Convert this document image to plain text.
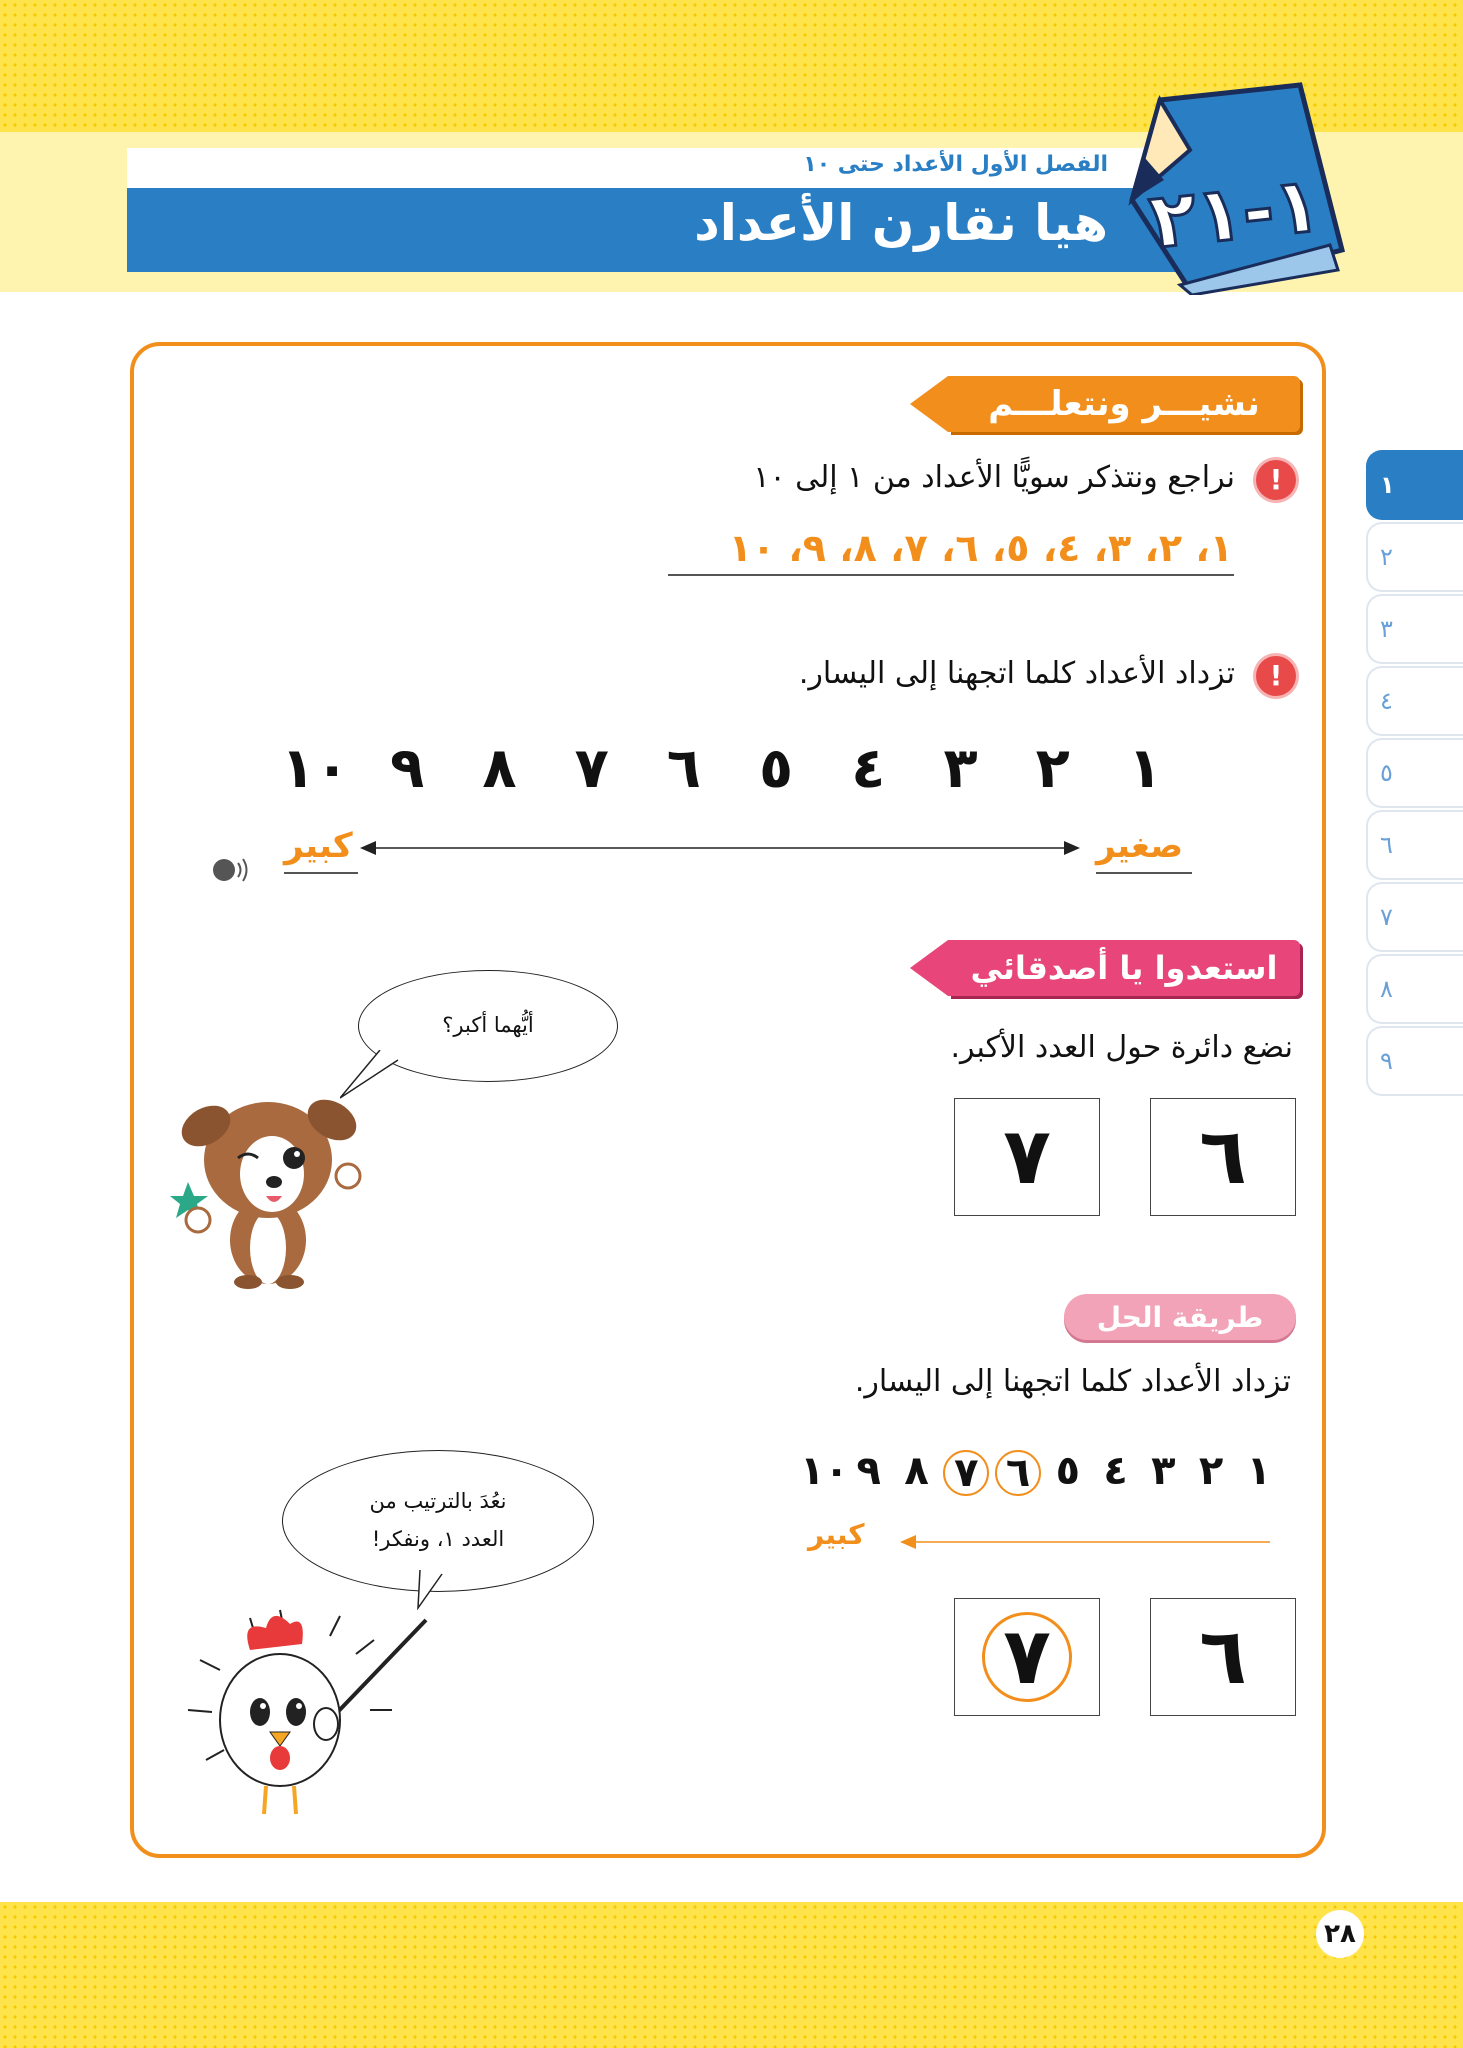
الفصل الأول الأعداد حتى ١٠
هيا نقارن الأعداد ١-٢١
١
٢
٣
٤
٥
٦
٧
٨
٩
نشيـــر ونتعلـــم
!
نراجع ونتذكر سويًّا الأعداد من ١ إلى ١٠
١، ٢، ٣، ٤، ٥، ٦، ٧، ٨، ٩، ١٠
!
تزداد الأعداد كلما اتجهنا إلى اليسار.
١
٢
٣
٤
٥
٦
٧
٨
٩
١٠
صغير
كبير
استعدوا يا أصدقائي
أيُّهما أكبر؟
نضع دائرة حول العدد الأكبر.
٦
٧
طريقة الحل
تزداد الأعداد كلما اتجهنا إلى اليسار.
١
٢
٣
٤
٥
٦
٧
٨
٩
١٠
كبير
نعُدَ بالترتيب من
العدد ١، ونفكر!
٦
٧
٢٨
